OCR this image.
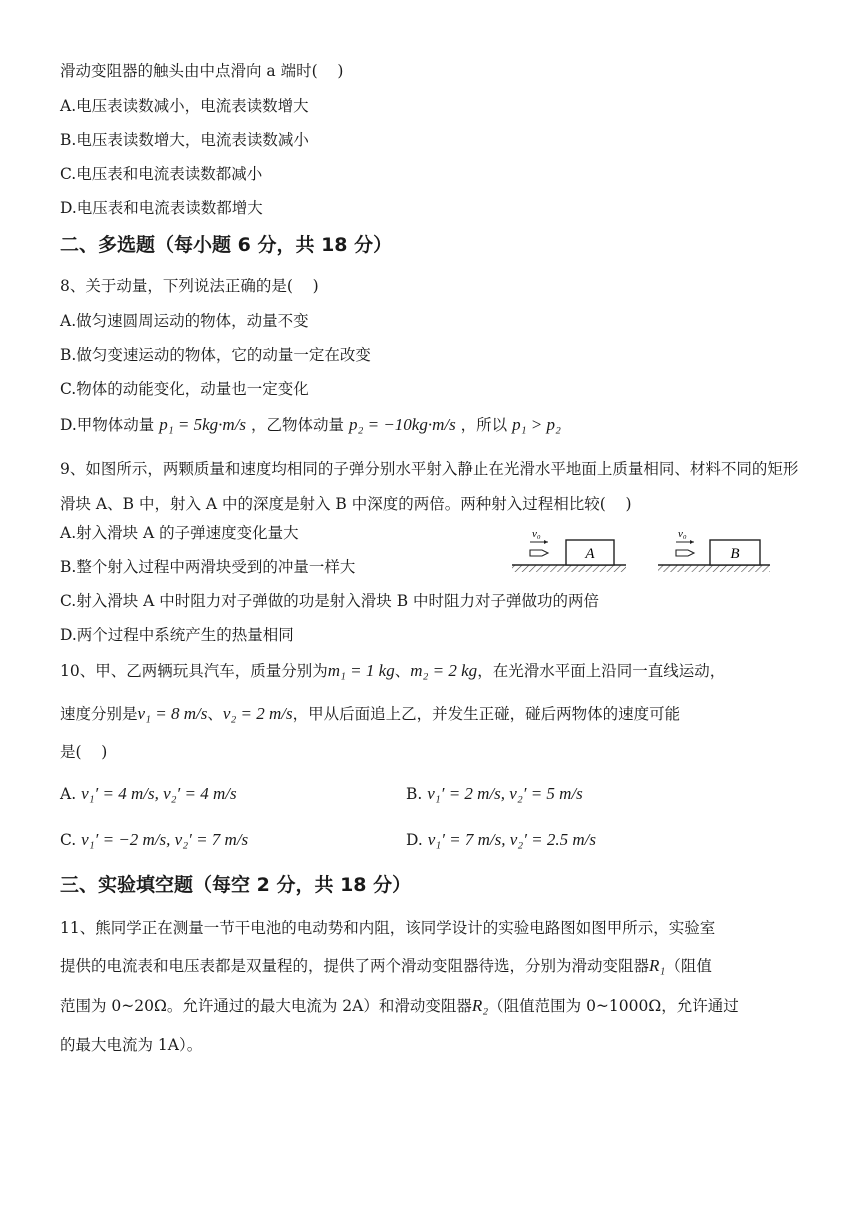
滑动变阻器的触头由中点滑向 a 端时(    )
A.电压表读数减小，电流表读数增大
B.电压表读数增大，电流表读数减小
C.电压表和电流表读数都减小
D.电压表和电流表读数都增大
二、多选题（每小题 6 分，共 18 分）
8、关于动量，下列说法正确的是(    )
A.做匀速圆周运动的物体，动量不变
B.做匀变速运动的物体，它的动量一定在改变
C.物体的动能变化，动量也一定变化
D.甲物体动量 p₁ = 5kg·m/s ，乙物体动量 p₂ = −10kg·m/s ，所以 p₁ > p₂
9、如图所示，两颗质量和速度均相同的子弹分别水平射入静止在光滑水平地面上质量相同、材料不同的矩形滑块 A、B 中，射入 A 中的深度是射入 B 中深度的两倍。两种射入过程相比较(    )
A.射入滑块 A 的子弹速度变化量大
B.整个射入过程中两滑块受到的冲量一样大
C.射入滑块 A 中时阻力对子弹做的功是射入滑块 B 中时阻力对子弹做功的两倍
D.两个过程中系统产生的热量相同
A	B
v₀	v₀
10、甲、乙两辆玩具汽车，质量分别为m₁ = 1 kg、m₂ = 2 kg，在光滑水平面上沿同一直线运动，
速度分别是v₁ = 8 m/s、v₂ = 2 m/s，甲从后面追上乙，并发生正碰，碰后两物体的速度可能
是(    )
A. v₁′ = 4 m/s, v₂′ = 4 m/s	B. v₁′ = 2 m/s, v₂′ = 5 m/s
C. v₁′ = −2 m/s, v₂′ = 7 m/s	D. v₁′ = 7 m/s, v₂′ = 2.5 m/s
三、实验填空题（每空 2 分，共 18 分）
11、熊同学正在测量一节干电池的电动势和内阻，该同学设计的实验电路图如图甲所示，实验室
提供的电流表和电压表都是双量程的，提供了两个滑动变阻器待选，分别为滑动变阻器R₁（阻值
范围为 0~20Ω。允许通过的最大电流为 2A）和滑动变阻器R₂（阻值范围为 0~1000Ω，允许通过
的最大电流为 1A）。
